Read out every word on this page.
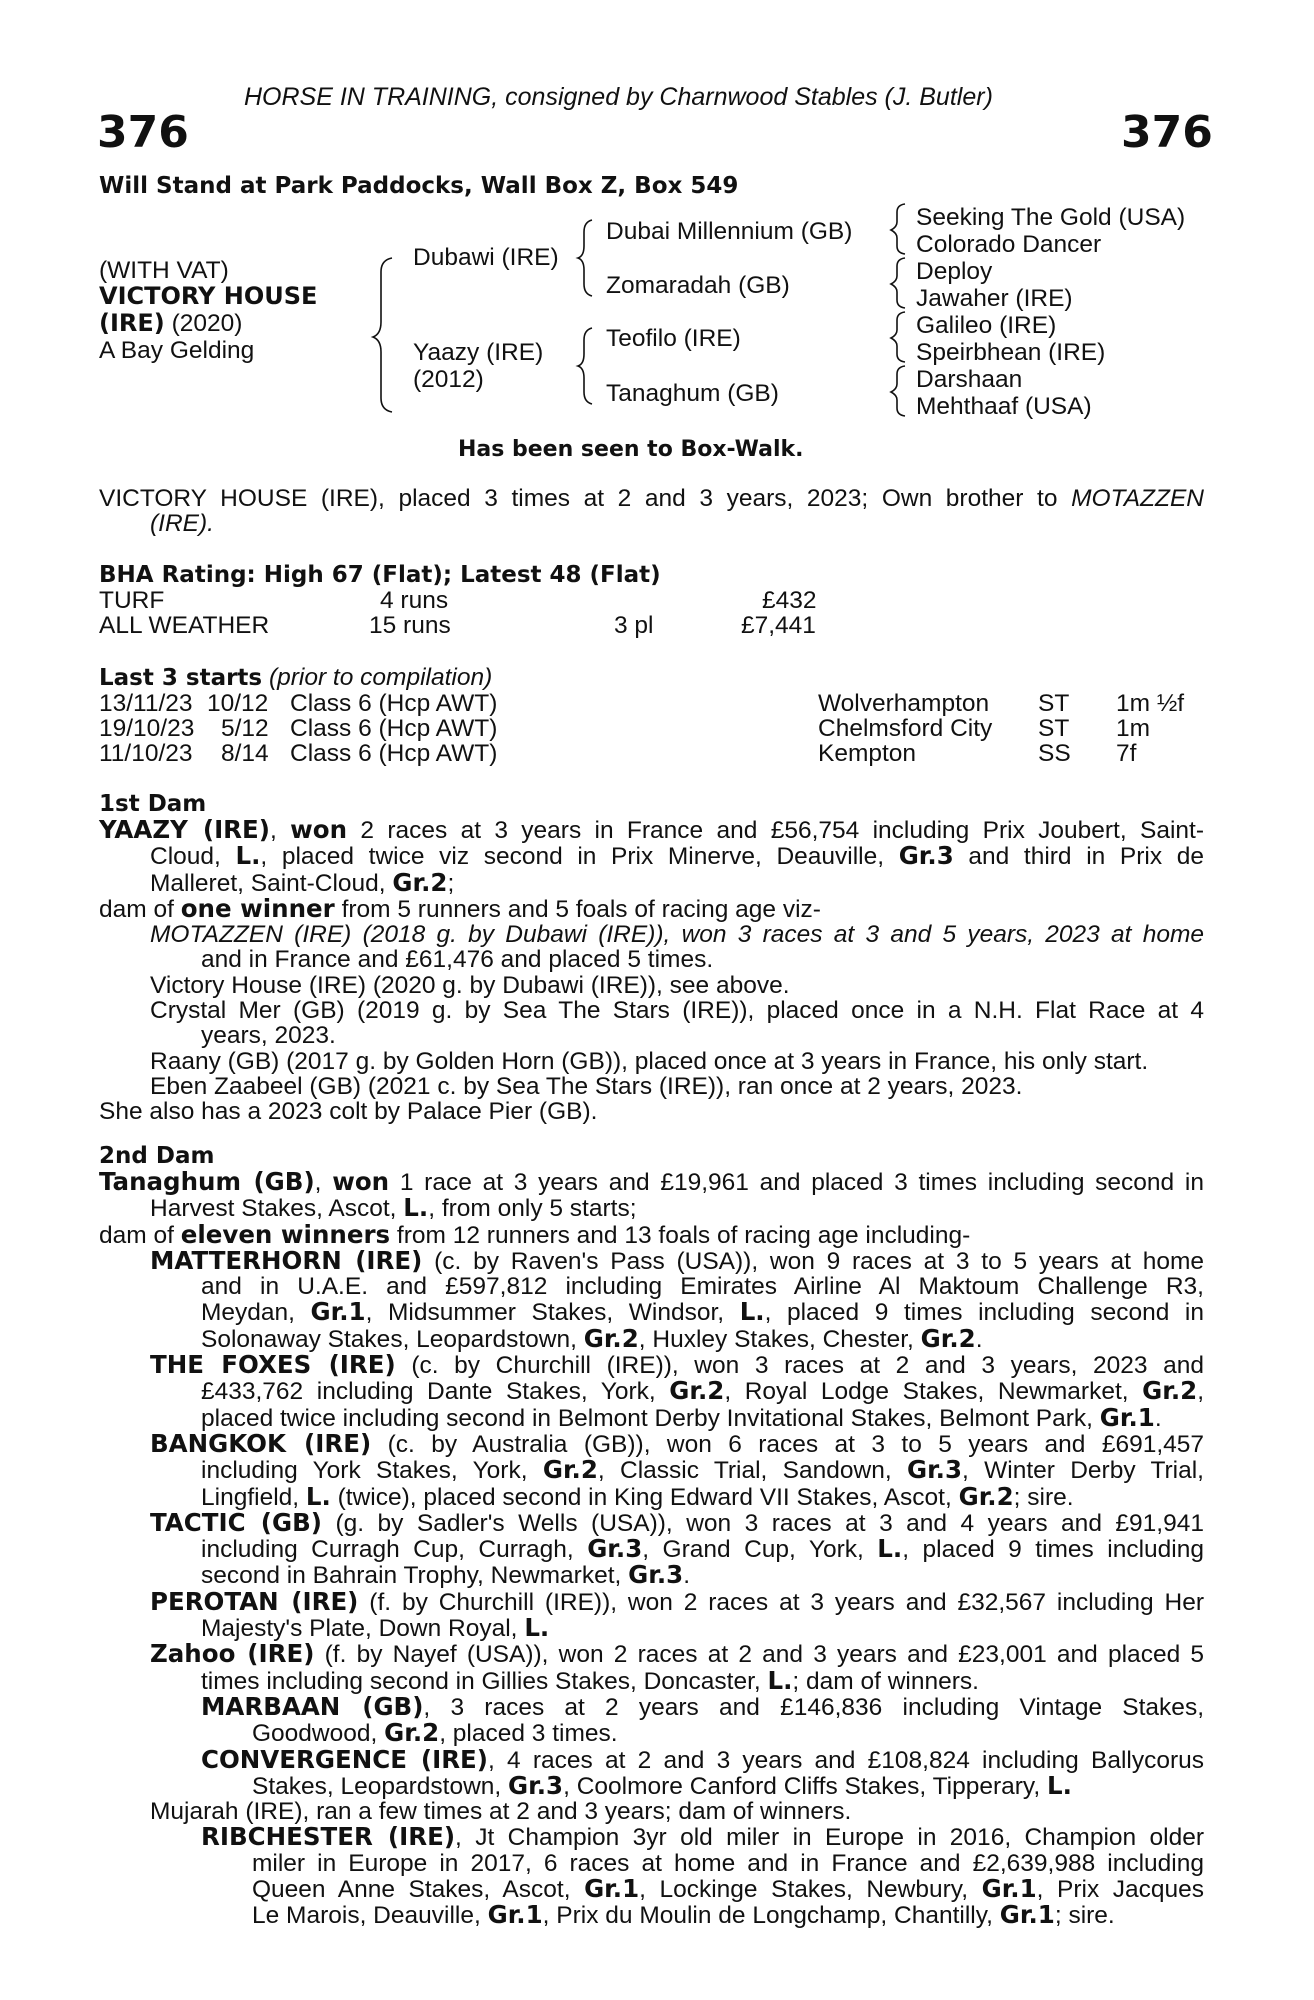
HORSE IN TRAINING, consigned by Charnwood Stables (J. Butler)
376	376
Will Stand at Park Paddocks, Wall Box Z, Box 549
(WITH VAT)
VICTORY HOUSE
(IRE) (2020)
A Bay Gelding
Dubawi (IRE)
Yaazy (IRE)
(2012)
Dubai Millennium (GB)
Zomaradah (GB)
Teofilo (IRE)
Tanaghum (GB)
Seeking The Gold (USA)
Colorado Dancer
Deploy
Jawaher (IRE)
Galileo (IRE)
Speirbhean (IRE)
Darshaan
Mehthaaf (USA)
Has been seen to Box-Walk.
VICTORY HOUSE (IRE), placed 3 times at 2 and 3 years, 2023; Own brother to MOTAZZEN
(IRE).
BHA Rating: High 67 (Flat); Latest 48 (Flat)
TURF	4 runs	£432
ALL WEATHER	15 runs	3 pl	£7,441
Last 3 starts (prior to compilation)
13/11/23 10/12 Class 6 (Hcp AWT)	Wolverhampton ST 1m ½f
19/10/23 5/12 Class 6 (Hcp AWT)	Chelmsford City ST 1m
11/10/23 8/14 Class 6 (Hcp AWT)	Kempton	SS 7f
1st Dam
YAAZY (IRE), won 2 races at 3 years in France and £56,754 including Prix Joubert, Saint-
Cloud, L., placed twice viz second in Prix Minerve, Deauville, Gr.3 and third in Prix de
Malleret, Saint-Cloud, Gr.2;
dam of one winner from 5 runners and 5 foals of racing age viz-
MOTAZZEN (IRE) (2018 g. by Dubawi (IRE)), won 3 races at 3 and 5 years, 2023 at home
and in France and £61,476 and placed 5 times.
Victory House (IRE) (2020 g. by Dubawi (IRE)), see above.
Crystal Mer (GB) (2019 g. by Sea The Stars (IRE)), placed once in a N.H. Flat Race at 4
years, 2023.
Raany (GB) (2017 g. by Golden Horn (GB)), placed once at 3 years in France, his only start.
Eben Zaabeel (GB) (2021 c. by Sea The Stars (IRE)), ran once at 2 years, 2023.
She also has a 2023 colt by Palace Pier (GB).
2nd Dam
Tanaghum (GB), won 1 race at 3 years and £19,961 and placed 3 times including second in
Harvest Stakes, Ascot, L., from only 5 starts;
dam of eleven winners from 12 runners and 13 foals of racing age including-
MATTERHORN (IRE) (c. by Raven's Pass (USA)), won 9 races at 3 to 5 years at home
and in U.A.E. and £597,812 including Emirates Airline Al Maktoum Challenge R3,
Meydan, Gr.1, Midsummer Stakes, Windsor, L., placed 9 times including second in
Solonaway Stakes, Leopardstown, Gr.2, Huxley Stakes, Chester, Gr.2.
THE FOXES (IRE) (c. by Churchill (IRE)), won 3 races at 2 and 3 years, 2023 and
£433,762 including Dante Stakes, York, Gr.2, Royal Lodge Stakes, Newmarket, Gr.2,
placed twice including second in Belmont Derby Invitational Stakes, Belmont Park, Gr.1.
BANGKOK (IRE) (c. by Australia (GB)), won 6 races at 3 to 5 years and £691,457
including York Stakes, York, Gr.2, Classic Trial, Sandown, Gr.3, Winter Derby Trial,
Lingfield, L. (twice), placed second in King Edward VII Stakes, Ascot, Gr.2; sire.
TACTIC (GB) (g. by Sadler's Wells (USA)), won 3 races at 3 and 4 years and £91,941
including Curragh Cup, Curragh, Gr.3, Grand Cup, York, L., placed 9 times including
second in Bahrain Trophy, Newmarket, Gr.3.
PEROTAN (IRE) (f. by Churchill (IRE)), won 2 races at 3 years and £32,567 including Her
Majesty's Plate, Down Royal, L.
Zahoo (IRE) (f. by Nayef (USA)), won 2 races at 2 and 3 years and £23,001 and placed 5
times including second in Gillies Stakes, Doncaster, L.; dam of winners.
MARBAAN (GB), 3 races at 2 years and £146,836 including Vintage Stakes,
Goodwood, Gr.2, placed 3 times.
CONVERGENCE (IRE), 4 races at 2 and 3 years and £108,824 including Ballycorus
Stakes, Leopardstown, Gr.3, Coolmore Canford Cliffs Stakes, Tipperary, L.
Mujarah (IRE), ran a few times at 2 and 3 years; dam of winners.
RIBCHESTER (IRE), Jt Champion 3yr old miler in Europe in 2016, Champion older
miler in Europe in 2017, 6 races at home and in France and £2,639,988 including
Queen Anne Stakes, Ascot, Gr.1, Lockinge Stakes, Newbury, Gr.1, Prix Jacques
Le Marois, Deauville, Gr.1, Prix du Moulin de Longchamp, Chantilly, Gr.1; sire.
